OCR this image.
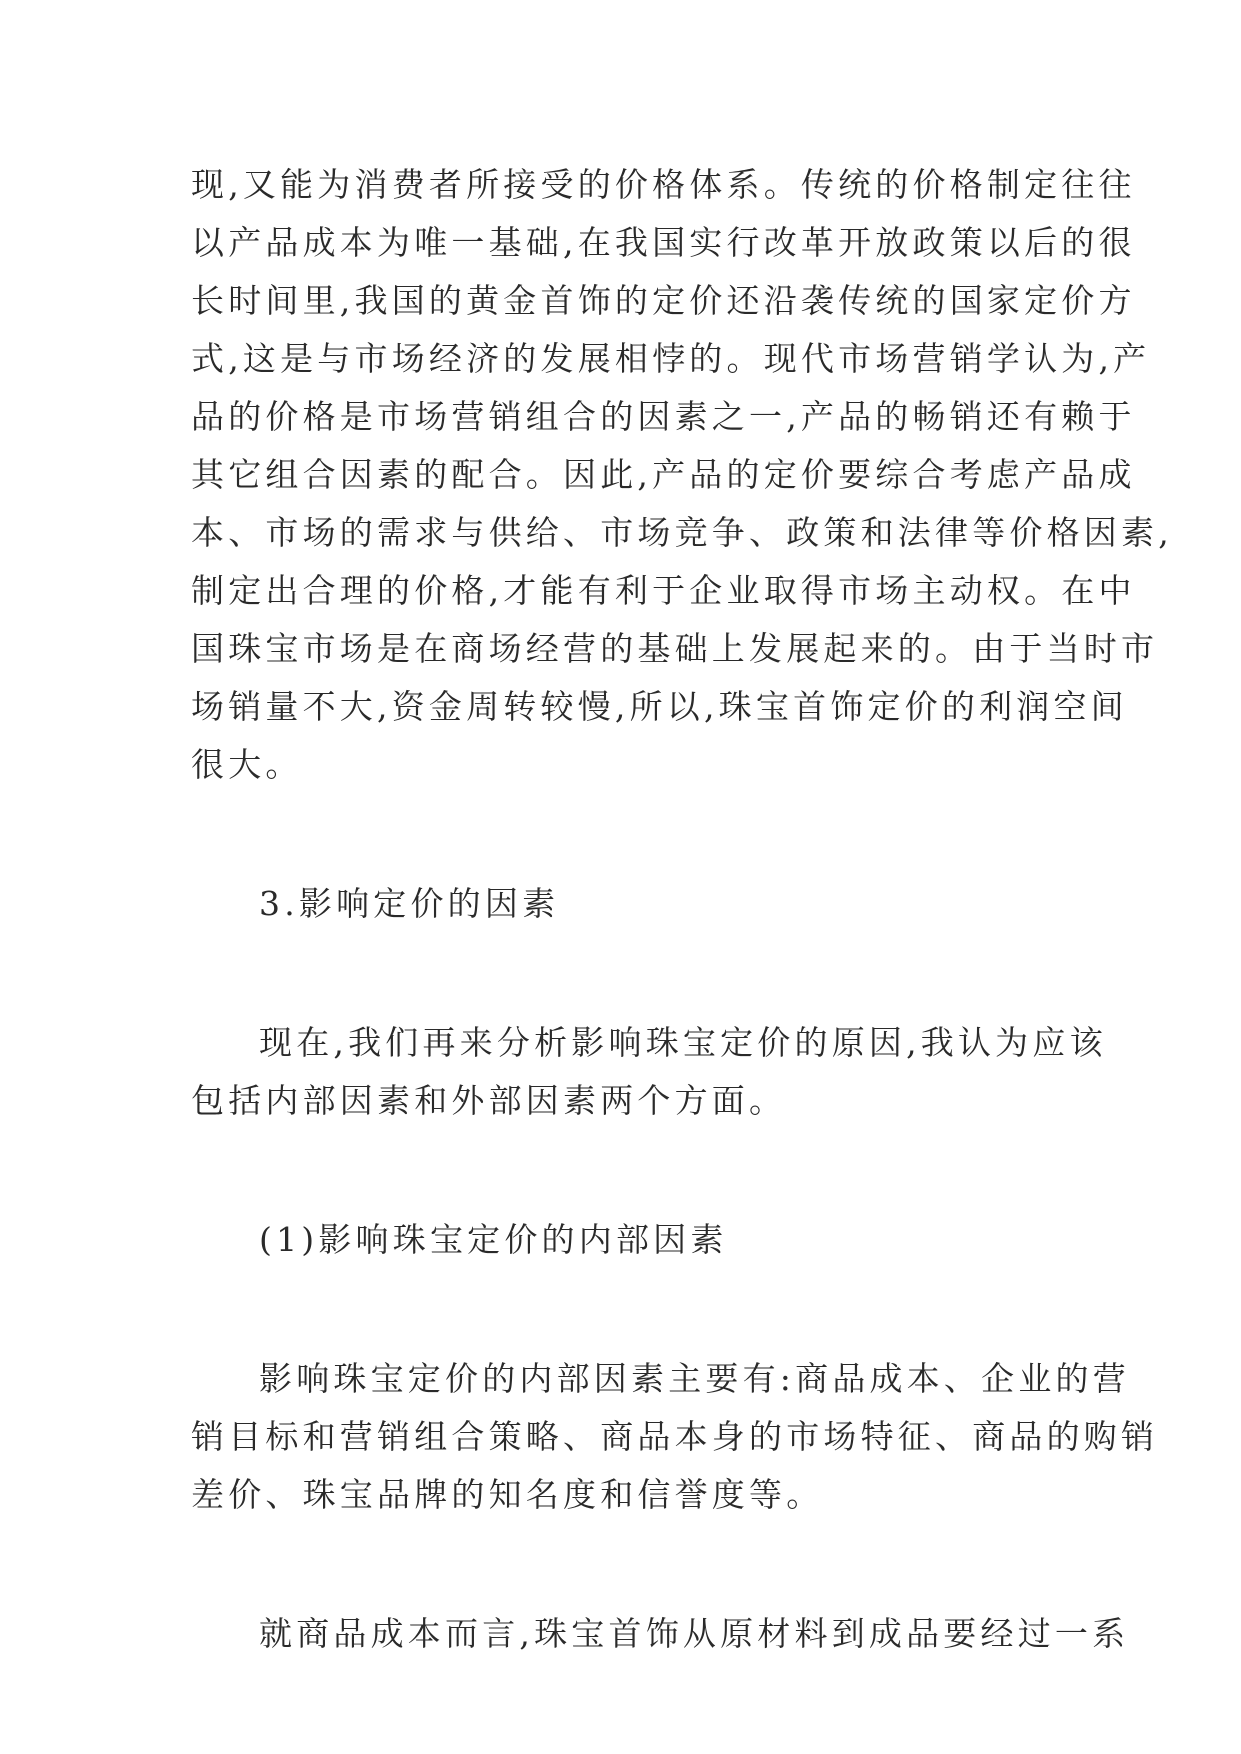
现,又能为消费者所接受的价格体系。传统的价格制定往往
以产品成本为唯一基础,在我国实行改革开放政策以后的很
长时间里,我国的黄金首饰的定价还沿袭传统的国家定价方
式,这是与市场经济的发展相悖的。现代市场营销学认为,产
品的价格是市场营销组合的因素之一,产品的畅销还有赖于
其它组合因素的配合。因此,产品的定价要综合考虑产品成
本、市场的需求与供给、市场竞争、政策和法律等价格因素,
制定出合理的价格,才能有利于企业取得市场主动权。在中
国珠宝市场是在商场经营的基础上发展起来的。由于当时市
场销量不大,资金周转较慢,所以,珠宝首饰定价的利润空间
很大。
3.影响定价的因素
现在,我们再来分析影响珠宝定价的原因,我认为应该
包括内部因素和外部因素两个方面。
(1)影响珠宝定价的内部因素
影响珠宝定价的内部因素主要有:商品成本、企业的营
销目标和营销组合策略、商品本身的市场特征、商品的购销
差价、珠宝品牌的知名度和信誉度等。
就商品成本而言,珠宝首饰从原材料到成品要经过一系
